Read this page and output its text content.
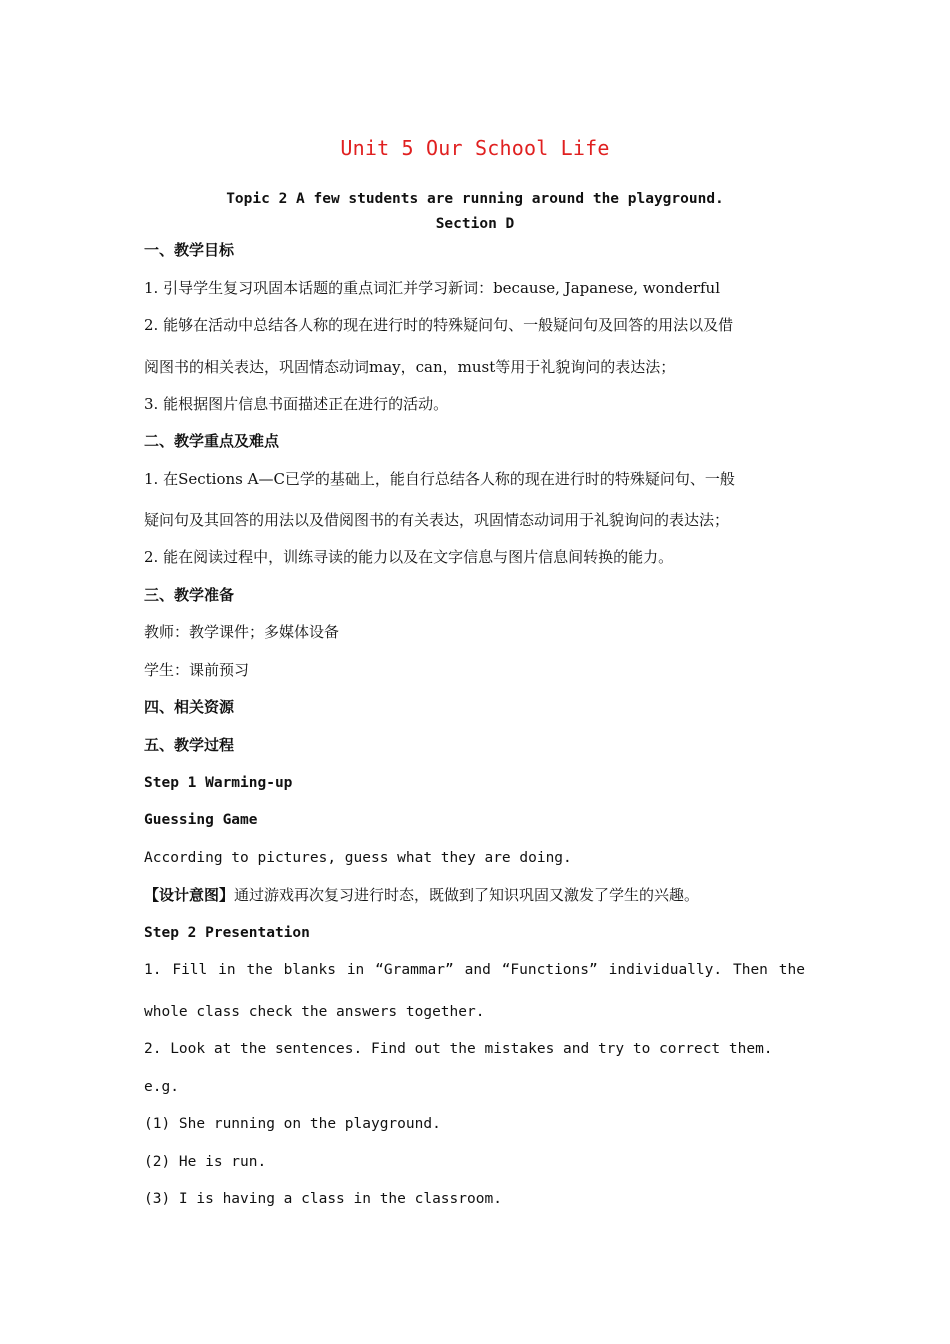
Unit 5 Our School Life
Topic 2 A few students are running around the playground.
Section D
一、教学目标
1. 引导学生复习巩固本话题的重点词汇并学习新词：because, Japanese, wonderful
2. 能够在活动中总结各人称的现在进行时的特殊疑问句、一般疑问句及回答的用法以及借
阅图书的相关表达，巩固情态动词may，can，must等用于礼貌询问的表达法；
3. 能根据图片信息书面描述正在进行的活动。
二、教学重点及难点
1. 在Sections A—C已学的基础上，能自行总结各人称的现在进行时的特殊疑问句、一般
疑问句及其回答的用法以及借阅图书的有关表达，巩固情态动词用于礼貌询问的表达法；
2. 能在阅读过程中，训练寻读的能力以及在文字信息与图片信息间转换的能力。
三、教学准备
教师：教学课件；多媒体设备
学生：课前预习
四、相关资源
五、教学过程
Step 1 Warming-up
Guessing Game
According to pictures, guess what they are doing.
【设计意图】通过游戏再次复习进行时态，既做到了知识巩固又激发了学生的兴趣。
Step 2 Presentation
1. Fill in the blanks in “Grammar” and “Functions” individually. Then the
whole class check the answers together.
2. Look at the sentences. Find out the mistakes and try to correct them.
e.g.
(1) She running on the playground.
(2) He is run.
(3) I is having a class in the classroom.
